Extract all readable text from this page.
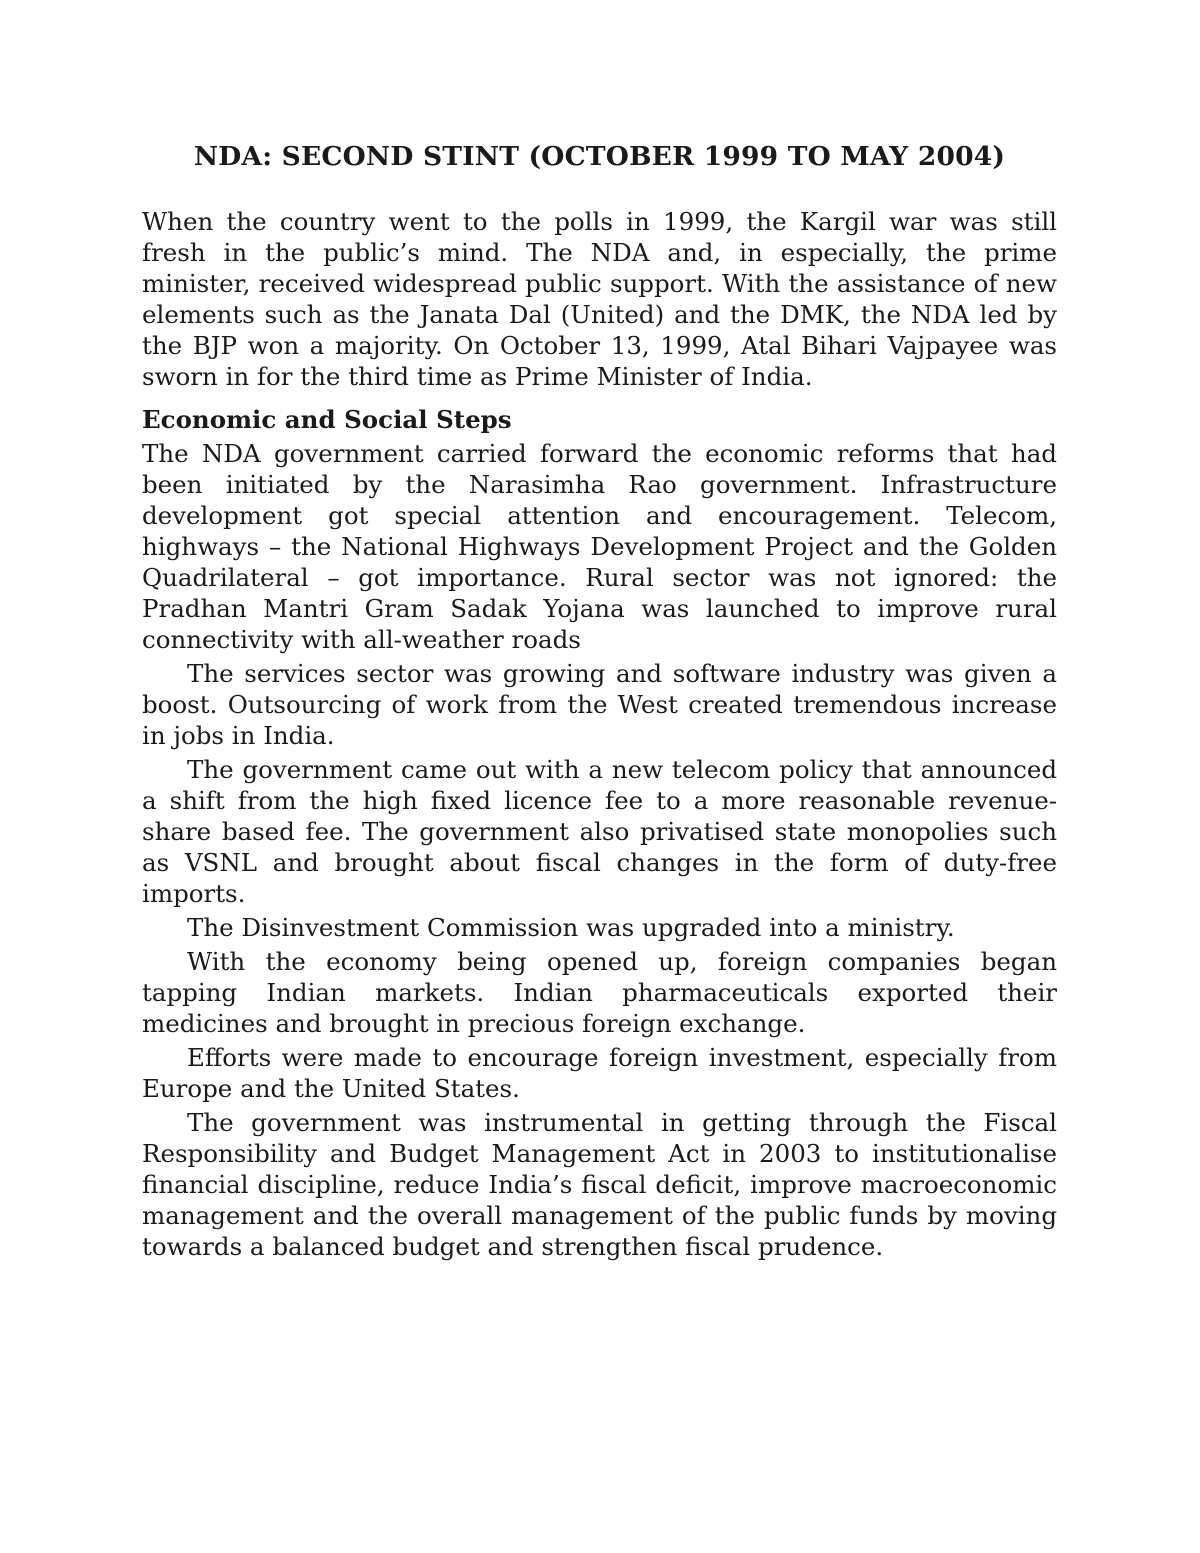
NDA: SECOND STINT (OCTOBER 1999 TO MAY 2004)

When the country went to the polls in 1999, the Kargil war was still fresh in the public’s mind. The NDA and, in especially, the prime minister, received widespread public support. With the assistance of new elements such as the Janata Dal (United) and the DMK, the NDA led by the BJP won a majority. On October 13, 1999, Atal Bihari Vajpayee was sworn in for the third time as Prime Minister of India.

Economic and Social Steps

The NDA government carried forward the economic reforms that had been initiated by the Narasimha Rao government. Infrastructure development got special attention and encouragement. Telecom, highways – the National Highways Development Project and the Golden Quadrilateral – got importance. Rural sector was not ignored: the Pradhan Mantri Gram Sadak Yojana was launched to improve rural connectivity with all-weather roads

The services sector was growing and software industry was given a boost. Outsourcing of work from the West created tremendous increase in jobs in India.

The government came out with a new telecom policy that announced a shift from the high fixed licence fee to a more reasonable revenue-share based fee. The government also privatised state monopolies such as VSNL and brought about fiscal changes in the form of duty-free imports.

The Disinvestment Commission was upgraded into a ministry.

With the economy being opened up, foreign companies began tapping Indian markets. Indian pharmaceuticals exported their medicines and brought in precious foreign exchange.

Efforts were made to encourage foreign investment, especially from Europe and the United States.

The government was instrumental in getting through the Fiscal Responsibility and Budget Management Act in 2003 to institutionalise financial discipline, reduce India’s fiscal deficit, improve macroeconomic management and the overall management of the public funds by moving towards a balanced budget and strengthen fiscal prudence.
